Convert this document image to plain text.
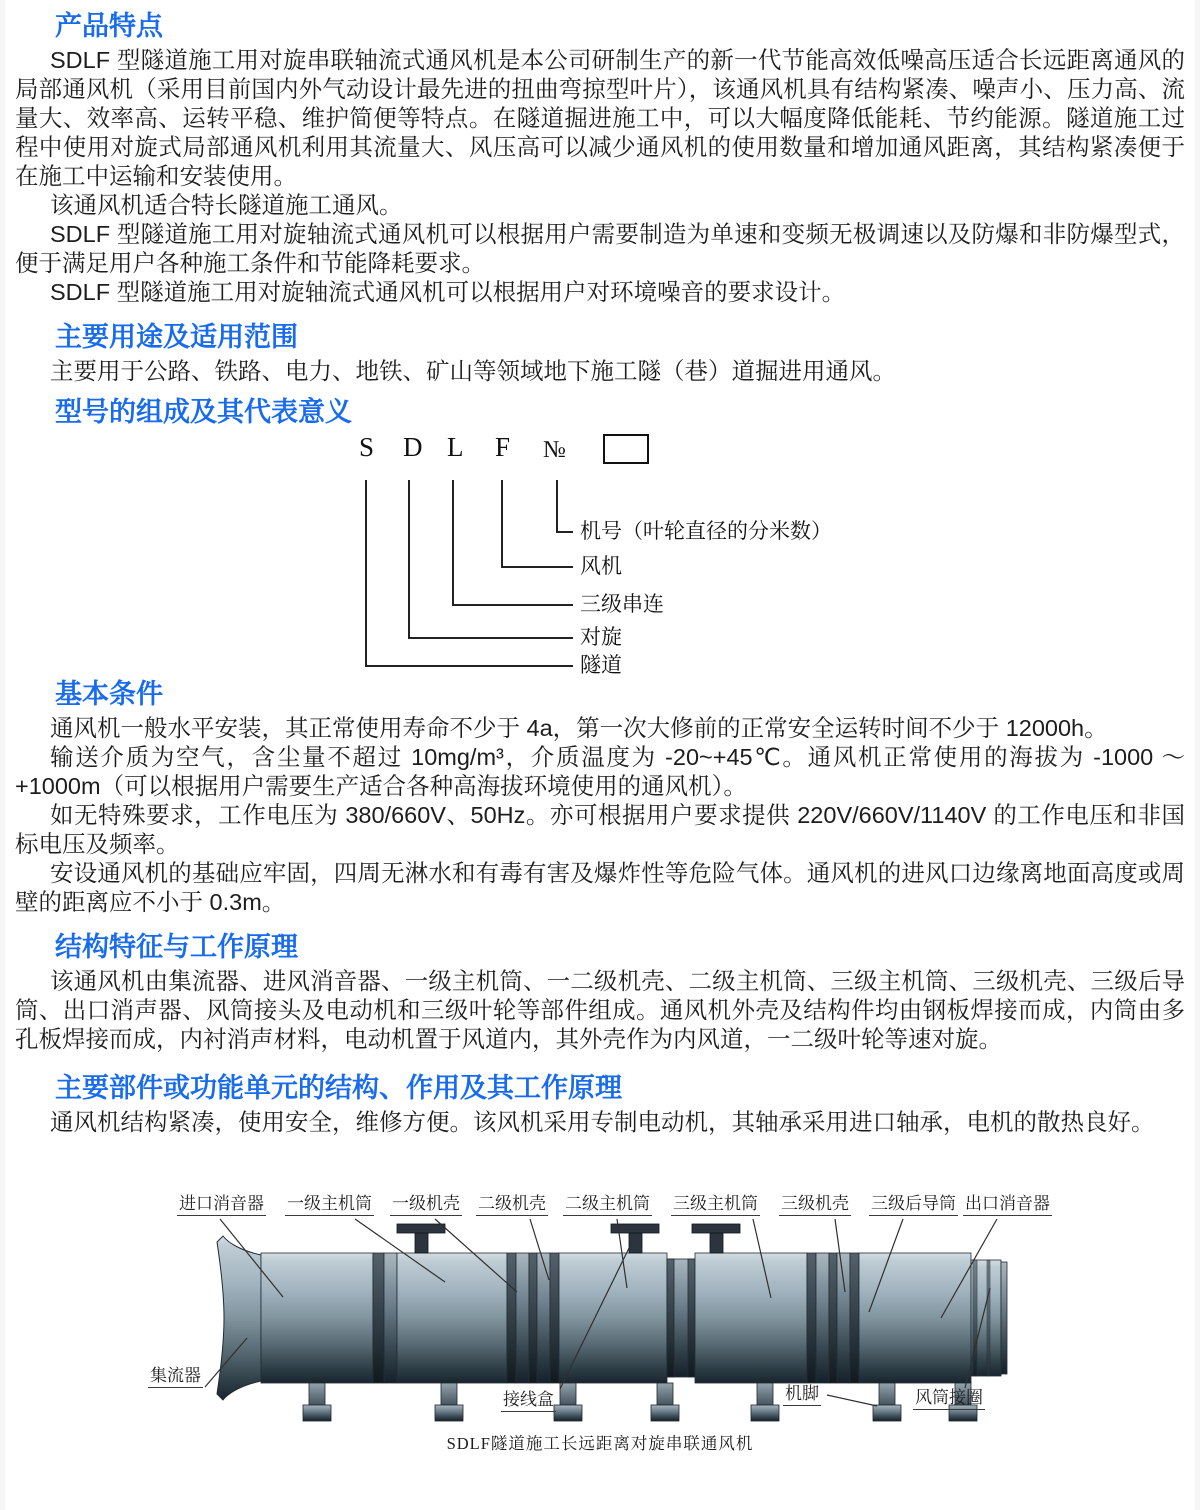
产品特点

SDLF 型隧道施工用对旋串联轴流式通风机是本公司研制生产的新一代节能高效低噪高压适合长远距离通风的局部通风机（采用目前国内外气动设计最先进的扭曲弯掠型叶片），该通风机具有结构紧凑、噪声小、压力高、流量大、效率高、运转平稳、维护简便等特点。在隧道掘进施工中，可以大幅度降低能耗、节约能源。隧道施工过程中使用对旋式局部通风机利用其流量大、风压高可以减少通风机的使用数量和增加通风距离，其结构紧凑便于在施工中运输和安装使用。

该通风机适合特长隧道施工通风。

SDLF 型隧道施工用对旋轴流式通风机可以根据用户需要制造为单速和变频无极调速以及防爆和非防爆型式，便于满足用户各种施工条件和节能降耗要求。

SDLF 型隧道施工用对旋轴流式通风机可以根据用户对环境噪音的要求设计。

主要用途及适用范围

主要用于公路、铁路、电力、地铁、矿山等领域地下施工隧（巷）道掘进用通风。

型号的组成及其代表意义
S D L F №
机号（叶轮直径的分米数）
风机
三级串连
对旋
隧道
基本条件

通风机一般水平安装，其正常使用寿命不少于 4a，第一次大修前的正常安全运转时间不少于 12000h。

输送介质为空气，含尘量不超过 10mg/m³，介质温度为 -20~+45℃。通风机正常使用的海拔为 -1000 ～+1000m（可以根据用户需要生产适合各种高海拔环境使用的通风机）。

如无特殊要求，工作电压为 380/660V、50Hz。亦可根据用户要求提供 220V/660V/1140V 的工作电压和非国标电压及频率。

安设通风机的基础应牢固，四周无淋水和有毒有害及爆炸性等危险气体。通风机的进风口边缘离地面高度或周壁的距离应不小于 0.3m。

结构特征与工作原理

该通风机由集流器、进风消音器、一级主机筒、一二级机壳、二级主机筒、三级主机筒、三级机壳、三级后导筒、出口消声器、风筒接头及电动机和三级叶轮等部件组成。通风机外壳及结构件均由钢板焊接而成，内筒由多孔板焊接而成，内衬消声材料，电动机置于风道内，其外壳作为内风道，一二级叶轮等速对旋。

主要部件或功能单元的结构、作用及其工作原理

通风机结构紧凑，使用安全，维修方便。该风机采用专制电动机，其轴承采用进口轴承，电机的散热良好。

进口消音器 一级主机筒 一级机壳 二级机壳 二级主机筒 三级主机筒 三级机壳 三级后导筒 出口消音器
集流器
接线盒	机脚	风筒接圈
SDLF隧道施工长远距离对旋串联通风机
